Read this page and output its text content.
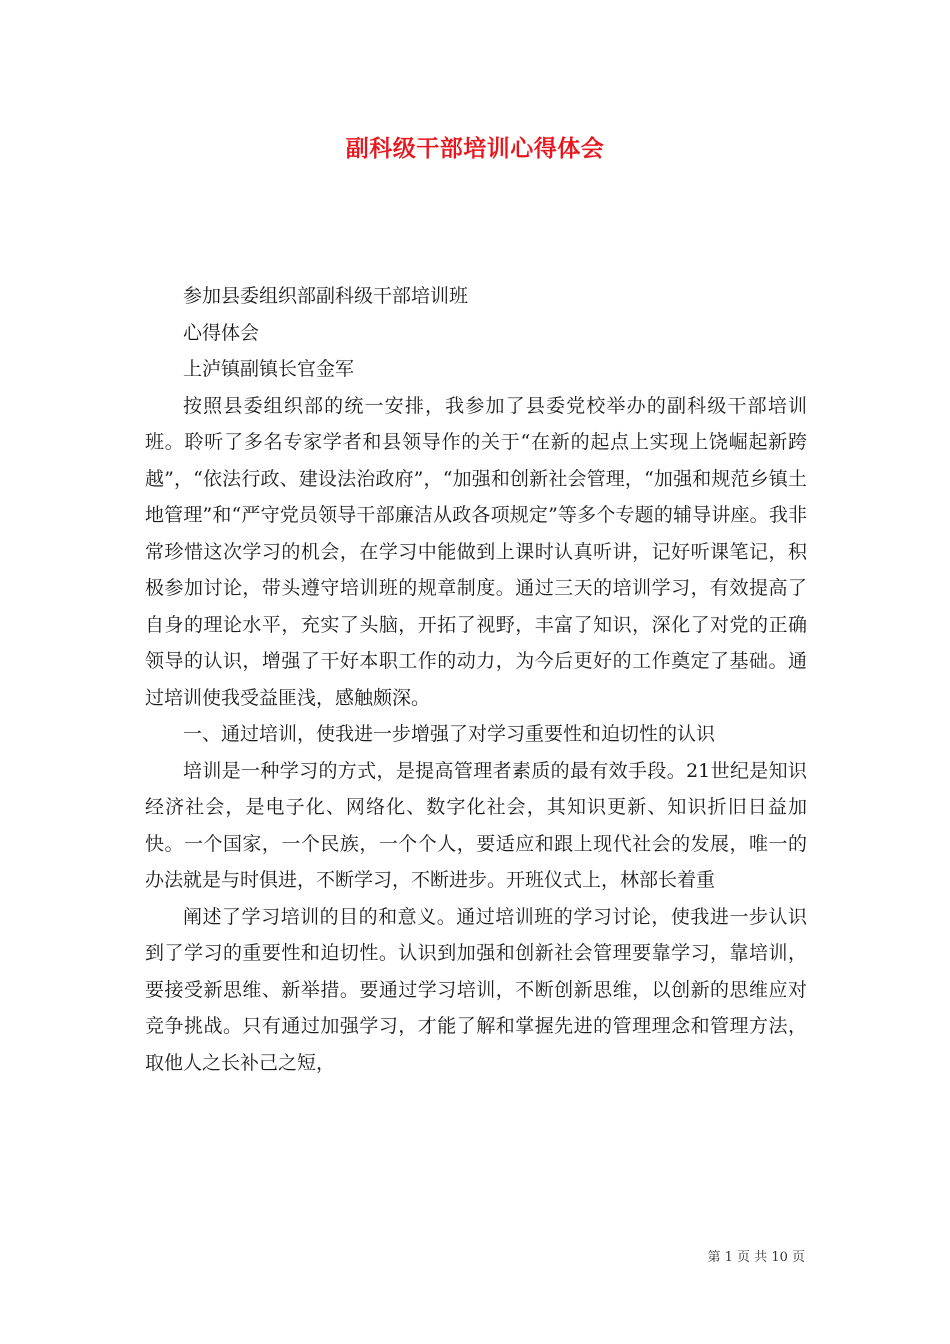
副科级干部培训心得体会

参加县委组织部副科级干部培训班

心得体会

上泸镇副镇长官金军

按照县委组织部的统一安排，我参加了县委党校举办的副科级干部培训班。聆听了多名专家学者和县领导作的关于“在新的起点上实现上饶崛起新跨越”，“依法行政、建设法治政府”，“加强和创新社会管理，“加强和规范乡镇土地管理”和“严守党员领导干部廉洁从政各项规定”等多个专题的辅导讲座。我非常珍惜这次学习的机会，在学习中能做到上课时认真听讲，记好听课笔记，积极参加讨论，带头遵守培训班的规章制度。通过三天的培训学习，有效提高了自身的理论水平，充实了头脑，开拓了视野，丰富了知识，深化了对党的正确领导的认识，增强了干好本职工作的动力，为今后更好的工作奠定了基础。通过培训使我受益匪浅，感触颇深。

一、通过培训，使我进一步增强了对学习重要性和迫切性的认识

培训是一种学习的方式，是提高管理者素质的最有效手段。21世纪是知识经济社会，是电子化、网络化、数字化社会，其知识更新、知识折旧日益加快。一个国家，一个民族，一个个人，要适应和跟上现代社会的发展，唯一的办法就是与时俱进，不断学习，不断进步。开班仪式上，林部长着重

阐述了学习培训的目的和意义。通过培训班的学习讨论，使我进一步认识到了学习的重要性和迫切性。认识到加强和创新社会管理要靠学习，靠培训，要接受新思维、新举措。要通过学习培训，不断创新思维，以创新的思维应对竞争挑战。只有通过加强学习，才能了解和掌握先进的管理理念和管理方法，取他人之长补己之短，

第 1 页 共 10 页
